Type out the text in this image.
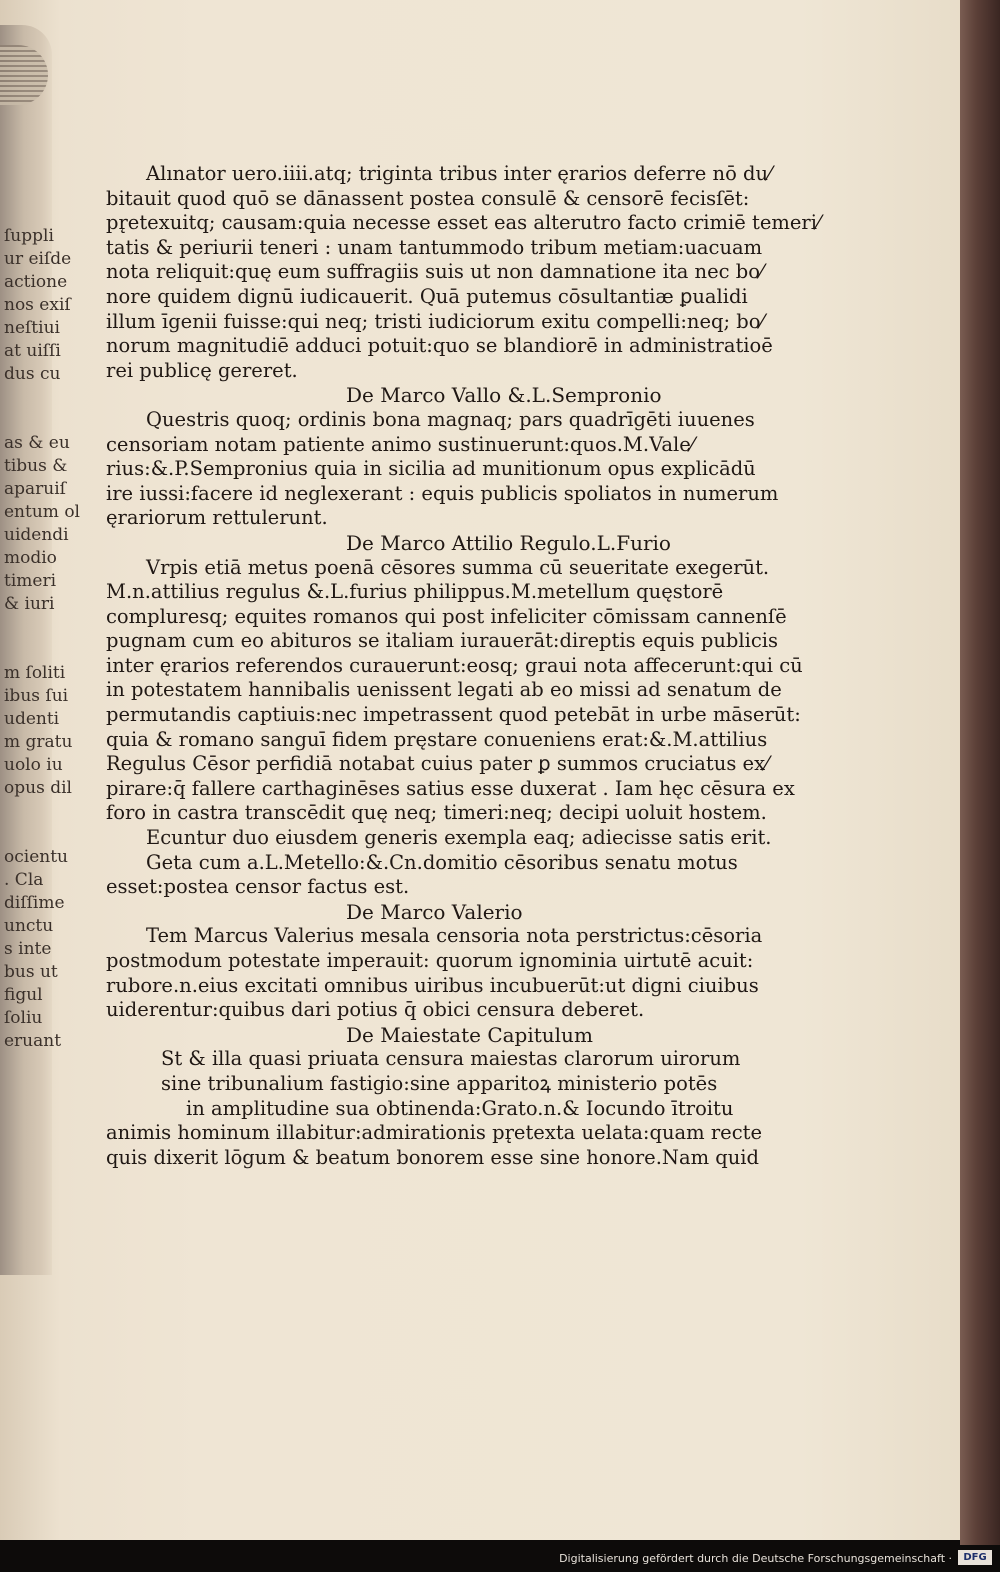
ſuppli
ur eiſde
actione
nos exiſ
neſtiui
at uiſſi
dus cu

as & eu
tibus &
aparuiſ
entum ol
uidendi
modio
timeri
& iuri

m ſoliti
ibus ſui
udenti
m gratu
uolo iu
opus dil

ocientu
. Cla
diſſime
unctu
s inte
bus ut
figul
ſoliu
eruant
Alınator uero.iiii.atq; triginta tribus inter ęrarios deferre nō du⁄
bitauit quod quō se dānassent postea consulē & censorē fecisſēt:
pr̨etexuitq; causam:quia necesse esset eas alterutro facto crimiē temeri⁄
tatis & periurii teneri : unam tantummodo tribum metiam:uacuam
nota reliquit:quę eum suffragiis suis ut non damnatione ita nec bo⁄
nore quidem dignū iudicauerit. Quā putemus cōsultantiæ ꝑualidi
illum īgenii fuisse:qui neq; tristi iudiciorum exitu compelli:neq; bo⁄
norum magnitudiē adduci potuit:quo se blandiorē in administratioē
rei publicę gereret.
De Marco Vallo &.L.Sempronio
Questris quoq; ordinis bona magnaq; pars quadrīgēti iuuenes
censoriam notam patiente animo sustinuerunt:quos.M.Vale⁄
rius:&.P.Sempronius quia in sicilia ad munitionum opus explicādū
ire iussi:facere id neglexerant : equis publicis spoliatos in numerum
ęrariorum rettulerunt.
De Marco Attilio Regulo.L.Furio
Vrpis etiā metus poenā cēsores summa cū seueritate exegerūt.
M.n.attilius regulus &.L.furius philippus.M.metellum quęstorē
compluresq; equites romanos qui post infeliciter cōmissam cannenſē
pugnam cum eo abituros se italiam iurauerāt:direptis equis publicis
inter ęrarios referendos curauerunt:eosq; graui nota affecerunt:qui cū
in potestatem hannibalis uenissent legati ab eo missi ad senatum de
permutandis captiuis:nec impetrassent quod petebāt in urbe māserūt:
quia & romano sanguī fidem pręstare conueniens erat:&.M.attilius
Regulus Cēsor perfidiā notabat cuius pater ꝑ summos cruciatus ex⁄
pirare:q̄ fallere carthaginēses satius esse duxerat . Iam hęc cēsura ex
foro in castra transcēdit quę neq; timeri:neq; decipi uoluit hostem.
Ecuntur duo eiusdem generis exempla eaq; adiecisse satis erit.
Geta cum a.L.Metello:&.Cn.domitio cēsoribus senatu motus
esset:postea censor factus est.
De Marco Valerio
Tem Marcus Valerius mesala censoria nota perstrictus:cēsoria
postmodum potestate imperauit: quorum ignominia uirtutē acuit:
rubore.n.eius excitati omnibus uiribus incubuerūt:ut digni ciuibus
uiderentur:quibus dari potius q̄ obici censura deberet.
De Maiestate Capitulum
St & illa quasi priuata censura maiestas clarorum uirorum
sine tribunalium fastigio:sine apparitoꝝ ministerio potēs
in amplitudine sua obtinenda:Grato.n.& Iocundo ītroitu
animis hominum illabitur:admirationis pr̨etexta uelata:quam recte
quis dixerit lōgum & beatum bonorem esse sine honore.Nam quid
Digitalisierung gefördert durch die Deutsche Forschungsgemeinschaft ·	DFG
